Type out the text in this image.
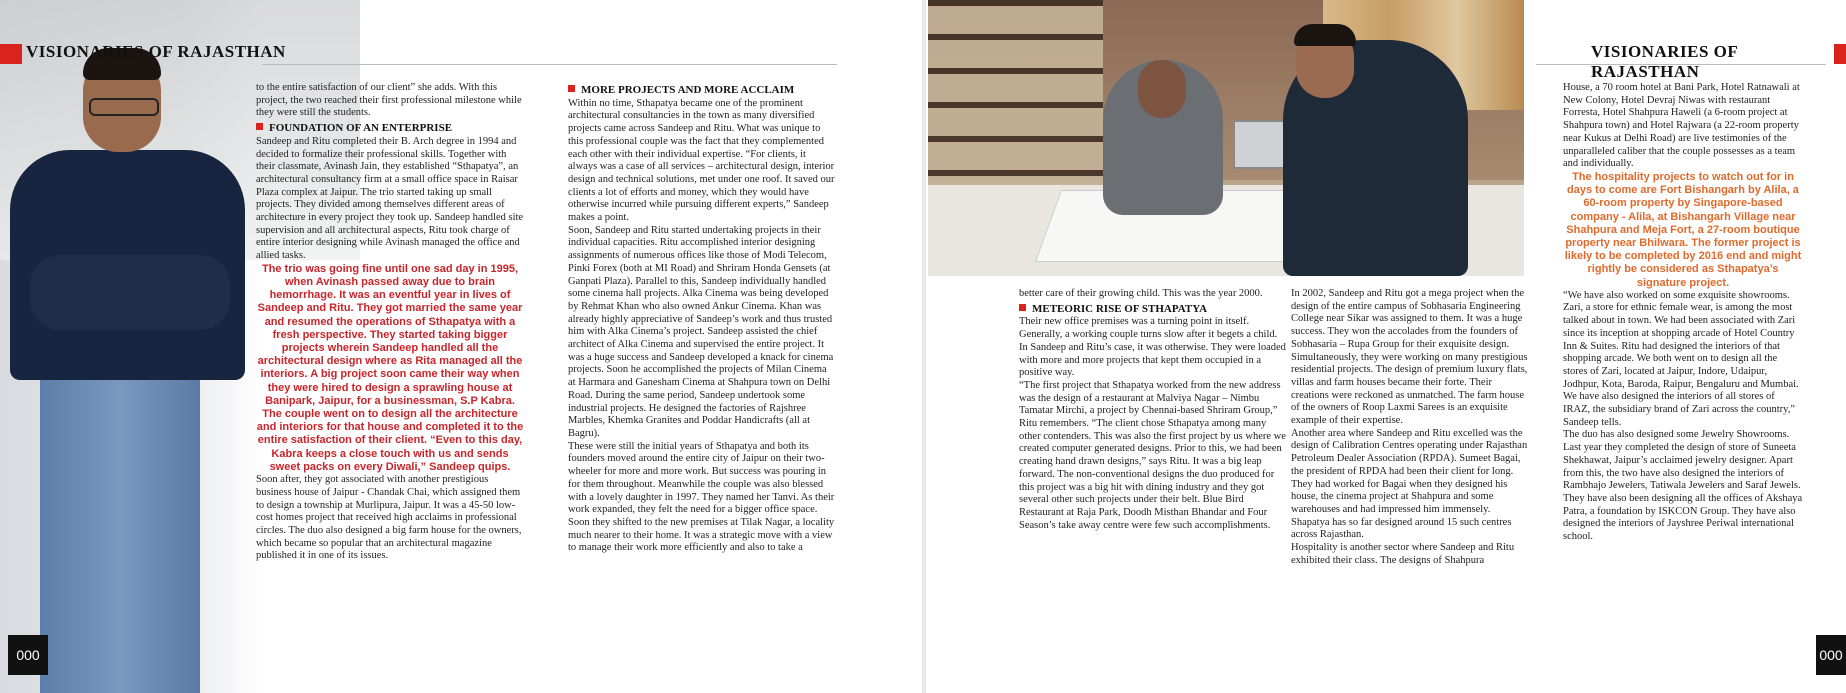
VISIONARIES OF RAJASTHAN

to the entire satisfaction of our client” she adds. With this project, the two reached their first professional milestone while they were still the students.

FOUNDATION OF AN ENTERPRISE

Sandeep and Ritu completed their B. Arch degree in 1994 and decided to formalize their professional skills. Together with their classmate, Avinash Jain, they established “Sthapatya”, an architectural consultancy firm at a small office space in Raisar Plaza complex at Jaipur. The trio started taking up small projects. They divided among themselves different areas of architecture in every project they took up. Sandeep handled site supervision and all architectural aspects, Ritu took charge of entire interior designing while Avinash managed the office and allied tasks.

The trio was going fine until one sad day in 1995, when Avinash passed away due to brain hemorrhage. It was an eventful year in lives of Sandeep and Ritu. They got married the same year and resumed the operations of Sthapatya with a fresh perspective. They started taking bigger projects wherein Sandeep handled all the architectural design where as Rita managed all the interiors. A big project soon came their way when they were hired to design a sprawling house at Banipark, Jaipur, for a businessman, S.P Kabra. The couple went on to design all the architecture and interiors for that house and completed it to the entire satisfaction of their client. “Even to this day, Kabra keeps a close touch with us and sends sweet packs on every Diwali,” Sandeep quips.

Soon after, they got associated with another prestigious business house of Jaipur - Chandak Chai, which assigned them to design a township at Murlipura, Jaipur. It was a 45-50 low-cost homes project that received high acclaims in professional circles. The duo also designed a big farm house for the owners, which became so popular that an architectural magazine published it in one of its issues.

MORE PROJECTS AND MORE ACCLAIM

Within no time, Sthapatya became one of the prominent architectural consultancies in the town as many diversified projects came across Sandeep and Ritu. What was unique to this professional couple was the fact that they complemented each other with their individual expertise. “For clients, it always was a case of all services – architectural design, interior design and technical solutions, met under one roof. It saved our clients a lot of efforts and money, which they would have otherwise incurred while pursuing different experts,” Sandeep makes a point.

Soon, Sandeep and Ritu started undertaking projects in their individual capacities. Ritu accomplished interior designing assignments of numerous offices like those of Modi Telecom, Pinki Forex (both at MI Road) and Shriram Honda Gensets (at Ganpati Plaza). Parallel to this, Sandeep individually handled some cinema hall projects. Alka Cinema was being developed by Rehmat Khan who also owned Ankur Cinema. Khan was already highly appreciative of Sandeep’s work and thus trusted him with Alka Cinema’s project. Sandeep assisted the chief architect of Alka Cinema and supervised the entire project. It was a huge success and Sandeep developed a knack for cinema projects. Soon he accomplished the projects of Milan Cinema at Harmara and Ganesham Cinema at Shahpura town on Delhi Road. During the same period, Sandeep undertook some industrial projects. He designed the factories of Rajshree Marbles, Khemka Granites and Poddar Handicrafts (all at Bagru).

These were still the initial years of Sthapatya and both its founders moved around the entire city of Jaipur on their two-wheeler for more and more work. But success was pouring in for them throughout. Meanwhile the couple was also blessed with a lovely daughter in 1997. They named her Tanvi. As their work expanded, they felt the need for a bigger office space. Soon they shifted to the new premises at Tilak Nagar, a locality much nearer to their home. It was a strategic move with a view to manage their work more efficiently and also to take a

000
VISIONARIES OF RAJASTHAN

better care of their growing child. This was the year 2000.

METEORIC RISE OF STHAPATYA

Their new office premises was a turning point in itself. Generally, a working couple turns slow after it begets a child. In Sandeep and Ritu’s case, it was otherwise. They were loaded with more and more projects that kept them occupied in a positive way.

“The first project that Sthapatya worked from the new address was the design of a restaurant at Malviya Nagar – Nimbu Tamatar Mirchi, a project by Chennai-based Shriram Group,” Ritu remembers. “The client chose Sthapatya among many other contenders. This was also the first project by us where we created computer generated designs. Prior to this, we had been creating hand drawn designs,” says Ritu. It was a big leap forward. The non-conventional designs the duo produced for this project was a big hit with dining industry and they got several other such projects under their belt. Blue Bird Restaurant at Raja Park, Doodh Misthan Bhandar and Four Season’s take away centre were few such accomplishments.

In 2002, Sandeep and Ritu got a mega project when the design of the entire campus of Sobhasaria Engineering College near Sikar was assigned to them. It was a huge success. They won the accolades from the founders of Sobhasaria – Rupa Group for their exquisite design.

Simultaneously, they were working on many prestigious residential projects. The design of premium luxury flats, villas and farm houses became their forte. Their creations were reckoned as unmatched. The farm house of the owners of Roop Laxmi Sarees is an exquisite example of their expertise.

Another area where Sandeep and Ritu excelled was the design of Calibration Centres operating under Rajasthan Petroleum Dealer Association (RPDA). Sumeet Bagai, the president of RPDA had been their client for long. They had worked for Bagai when they designed his house, the cinema project at Shahpura and some warehouses and had impressed him immensely. Shapatya has so far designed around 15 such centres across Rajasthan.

Hospitality is another sector where Sandeep and Ritu exhibited their class. The designs of Shahpura

House, a 70 room hotel at Bani Park, Hotel Ratnawali at New Colony, Hotel Devraj Niwas with restaurant Forresta, Hotel Shahpura Haweli (a 6-room project at Shahpura town) and Hotel Rajwara (a 22-room property near Kukus at Delhi Road) are live testimonies of the unparalleled caliber that the couple possesses as a team and individually.

The hospitality projects to watch out for in days to come are Fort Bishangarh by Alila, a 60-room property by Singapore-based company - Alila, at Bishangarh Village near Shahpura and Meja Fort, a 27-room boutique property near Bhilwara. The former project is likely to be completed by 2016 end and might rightly be considered as Sthapatya’s signature project.

“We have also worked on some exquisite showrooms. Zari, a store for ethnic female wear, is among the most talked about in town. We had been associated with Zari since its inception at shopping arcade of Hotel Country Inn & Suites. Ritu had designed the interiors of that shopping arcade. We both went on to design all the stores of Zari, located at Jaipur, Indore, Udaipur, Jodhpur, Kota, Baroda, Raipur, Bengaluru and Mumbai. We have also designed the interiors of all stores of IRAZ, the subsidiary brand of Zari across the country,” Sandeep tells.

The duo has also designed some Jewelry Showrooms. Last year they completed the design of store of Suneeta Shekhawat, Jaipur’s acclaimed jewelry designer. Apart from this, the two have also designed the interiors of Rambhajo Jewelers, Tatiwala Jewelers and Saraf Jewels. They have also been designing all the offices of Akshaya Patra, a foundation by ISKCON Group. They have also designed the interiors of Jayshree Periwal international school.

000
